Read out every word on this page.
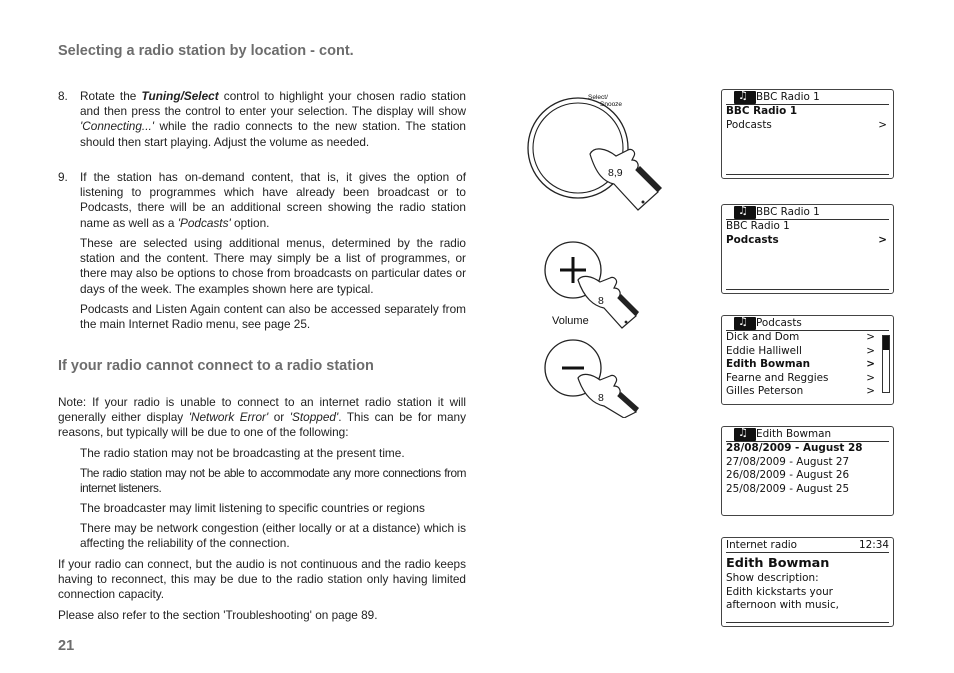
Selecting a radio station by location - cont.
8. Rotate the Tuning/Select control to highlight your chosen radio station and then press the control to enter your selection. The display will show 'Connecting...' while the radio connects to the new station. The station should then start playing. Adjust the volume as needed.
9. If the station has on-demand content, that is, it gives the option of listening to programmes which have already been broadcast or to Podcasts, there will be an additional screen showing the radio station name as well as a 'Podcasts' option.
These are selected using additional menus, determined by the radio station and the content. There may simply be a list of programmes, or there may also be options to chose from broadcasts on particular dates or days of the week. The examples shown here are typical.
Podcasts and Listen Again content can also be accessed separately from the main Internet Radio menu, see page 25.
If your radio cannot connect to a radio station
Note: If your radio is unable to connect to an internet radio station it will generally either display 'Network Error' or 'Stopped'. This can be for many reasons, but typically will be due to one of the following:
The radio station may not be broadcasting at the present time.
The radio station may not be able to accommodate any more connections from internet listeners.
The broadcaster may limit listening to specific countries or regions
There may be network congestion (either locally or at a distance) which is affecting the reliability of the connection.
If your radio can connect, but the audio is not continuous and the radio keeps having to reconnect, this may be due to the radio station only having limited connection capacity.
Please also refer to the section 'Troubleshooting' on page 89.
21
Select/
Snooze
8,9
8
Volume
8
♫
BBC Radio 1
BBC Radio 1
Podcasts	>
♫
BBC Radio 1
BBC Radio 1
Podcasts	>
♫
Podcasts
Dick and Dom	>
Eddie Halliwell	>
Edith Bowman	>
Fearne and Reggies	>
Gilles Peterson	>
♫
Edith Bowman
28/08/2009 - August 28
27/08/2009 - August 27
26/08/2009 - August 26
25/08/2009 - August 25
Internet radio	12:34
Edith Bowman
Show description:
Edith kickstarts your
afternoon with music,
